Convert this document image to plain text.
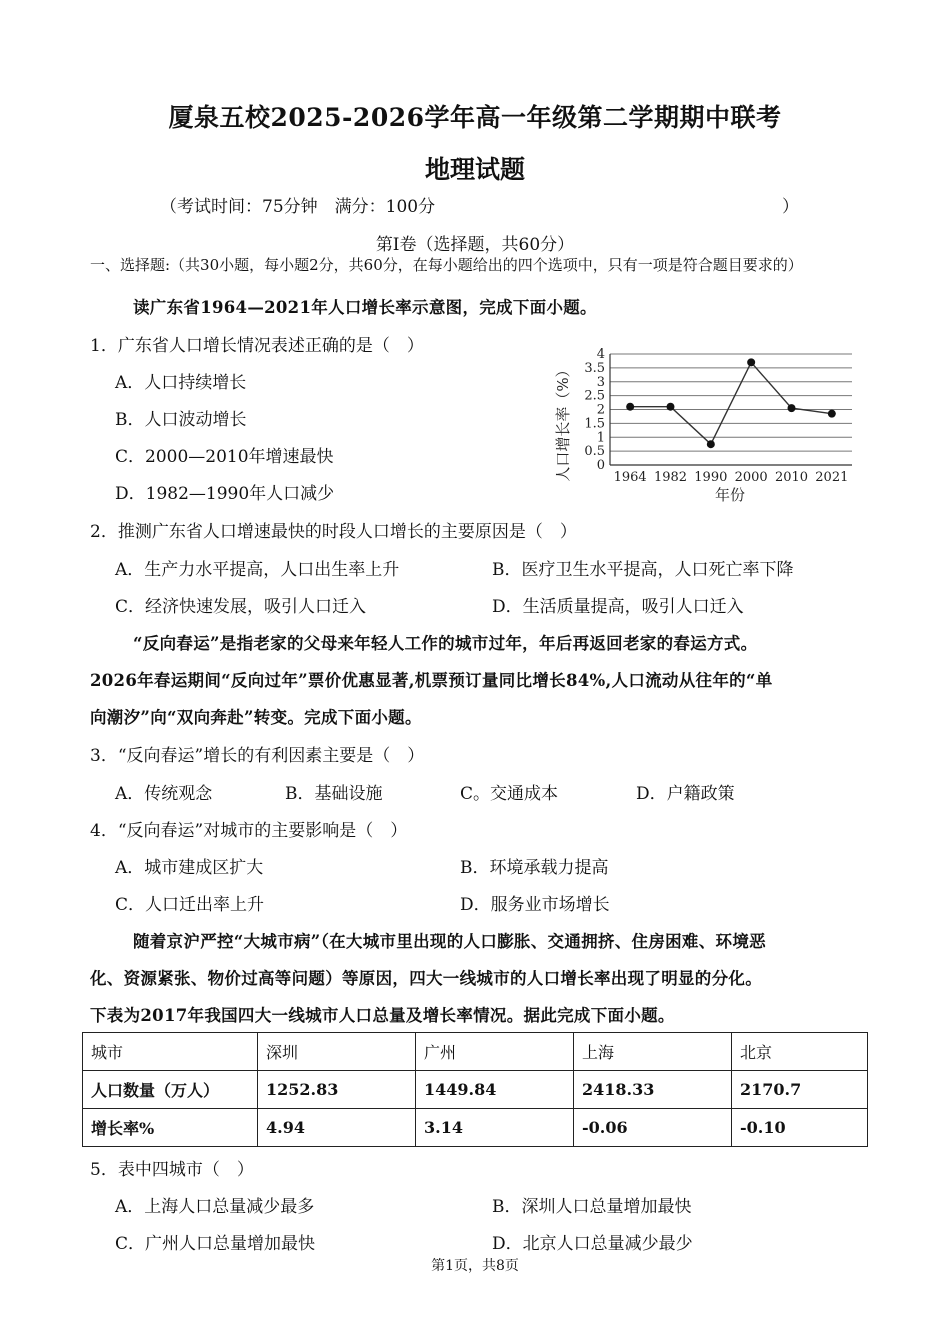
厦泉五校2025-2026学年高一年级第二学期期中联考
地理试题
（考试时间：75分钟　满分：100分	）
第Ⅰ卷（选择题，共60分）
一、选择题:（共30小题，每小题2分，共60分，在每小题给出的四个选项中，只有一项是符合题目要求的）
读广东省1964—2021年人口增长率示意图，完成下面小题。
1．广东省人口增长情况表述正确的是（　）
A．人口持续增长
B．人口波动增长
C．2000—2010年增速最快
D．1982—1990年人口减少
0
0.5
1
1.5
2
2.5
3
3.5
4
1964 1982 1990 2000 2010 2021
人口增长率（%）
年份
2．推测广东省人口增速最快的时段人口增长的主要原因是（　）
A．生产力水平提高，人口出生率上升	B．医疗卫生水平提高，人口死亡率下降
C．经济快速发展，吸引人口迁入	D．生活质量提高，吸引人口迁入
“反向春运”是指老家的父母来年轻人工作的城市过年，年后再返回老家的春运方式。
2026年春运期间“反向过年”票价优惠显著,机票预订量同比增长84%,人口流动从往年的“单
向潮汐”向“双向奔赴”转变。完成下面小题。
3．“反向春运”增长的有利因素主要是（　）
A．传统观念	B．基础设施	C。交通成本	D．户籍政策
4．“反向春运”对城市的主要影响是（　）
A．城市建成区扩大	B．环境承载力提高
C．人口迁出率上升	D．服务业市场增长
随着京沪严控“大城市病”（在大城市里出现的人口膨胀、交通拥挤、住房困难、环境恶
化、资源紧张、物价过高等问题）等原因，四大一线城市的人口增长率出现了明显的分化。
下表为2017年我国四大一线城市人口总量及增长率情况。据此完成下面小题。
城市	深圳	广州	上海	北京
人口数量（万人）	1252.83	1449.84	2418.33	2170.7
增长率%	4.94	3.14	-0.06	-0.10
5．表中四城市（　）
A．上海人口总量减少最多	B．深圳人口总量增加最快
C．广州人口总量增加最快	D．北京人口总量减少最少
第1页，共8页
